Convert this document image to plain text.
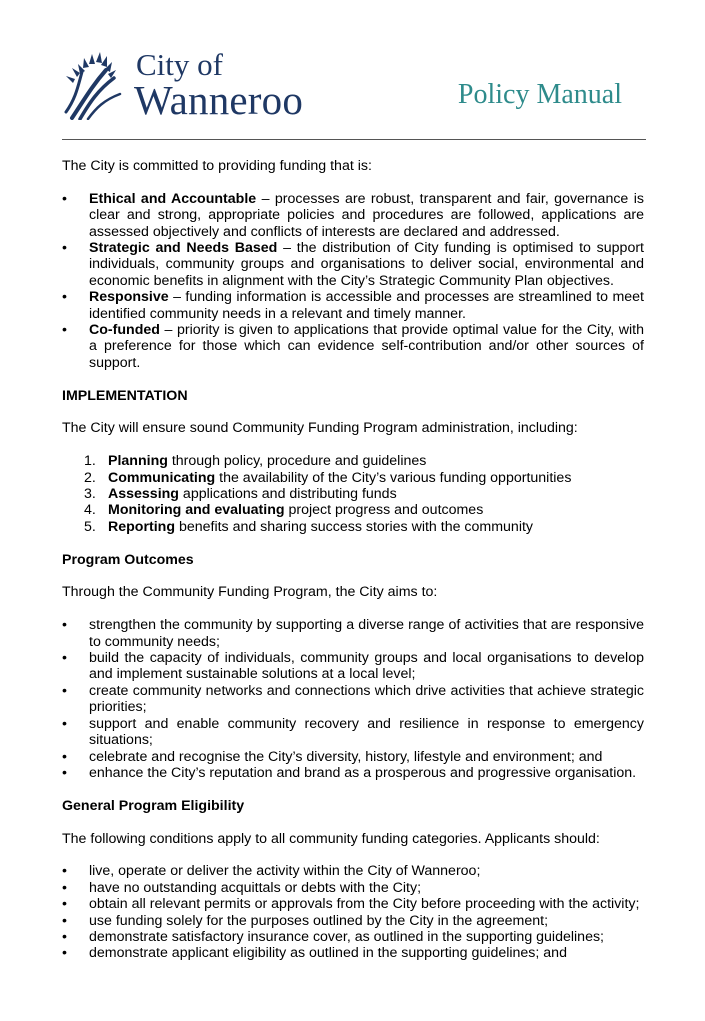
City of
Wanneroo	Policy Manual

The City is committed to providing funding that is:

• Ethical and Accountable – processes are robust, transparent and fair, governance is clear and strong, appropriate policies and procedures are followed, applications are assessed objectively and conflicts of interests are declared and addressed.
• Strategic and Needs Based – the distribution of City funding is optimised to support individuals, community groups and organisations to deliver social, environmental and economic benefits in alignment with the City’s Strategic Community Plan objectives.
• Responsive – funding information is accessible and processes are streamlined to meet identified community needs in a relevant and timely manner.
• Co-funded – priority is given to applications that provide optimal value for the City, with a preference for those which can evidence self-contribution and/or other sources of support.

IMPLEMENTATION

The City will ensure sound Community Funding Program administration, including:

1. Planning through policy, procedure and guidelines
2. Communicating the availability of the City’s various funding opportunities
3. Assessing applications and distributing funds
4. Monitoring and evaluating project progress and outcomes
5. Reporting benefits and sharing success stories with the community

Program Outcomes

Through the Community Funding Program, the City aims to:

• strengthen the community by supporting a diverse range of activities that are responsive to community needs;
• build the capacity of individuals, community groups and local organisations to develop and implement sustainable solutions at a local level;
• create community networks and connections which drive activities that achieve strategic priorities;
• support and enable community recovery and resilience in response to emergency situations;
• celebrate and recognise the City’s diversity, history, lifestyle and environment; and
• enhance the City’s reputation and brand as a prosperous and progressive organisation.

General Program Eligibility

The following conditions apply to all community funding categories. Applicants should:

• live, operate or deliver the activity within the City of Wanneroo;
• have no outstanding acquittals or debts with the City;
• obtain all relevant permits or approvals from the City before proceeding with the activity;
• use funding solely for the purposes outlined by the City in the agreement;
• demonstrate satisfactory insurance cover, as outlined in the supporting guidelines;
• demonstrate applicant eligibility as outlined in the supporting guidelines; and
